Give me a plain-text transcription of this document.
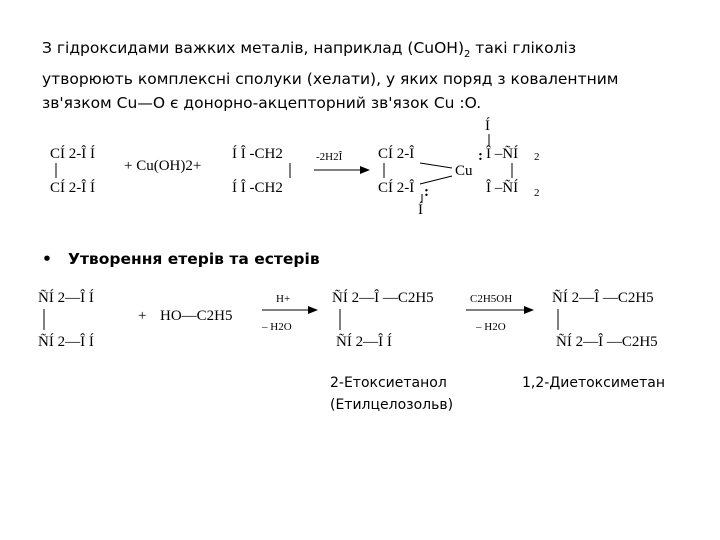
З гідроксидами важких металів, наприклад $(CuOH)_2$ такі гліколіз
утворюють комплексні сполуки (хелати), у яких поряд з ковалентним
зв'язком Cu—O є донорно-акцепторний зв'язок Cu :O.

• Утворення етерів та естерів
CÍ 2-Î Í
CÍ 2-Î Í
+ Cu(OH)2+
Í Î -CH2
Í Î -CH2
-2H2Î CÍ 2-Î
CÍ 2-Î
Cu
:
:
Î –ÑÍ 2
Î –ÑÍ 2
Í
Í
ÑÍ 2—Î Í
ÑÍ 2—Î Í
+ HO—C2H5
H+
– H2O
ÑÍ 2—Î —C2H5
ÑÍ 2—Î Í
C2H5OH
– H2O
ÑÍ 2—Î —C2H5
ÑÍ 2—Î —C2H5
2-Етоксиетанол
(Етилцелозольв)
1,2-Диетоксиметан
